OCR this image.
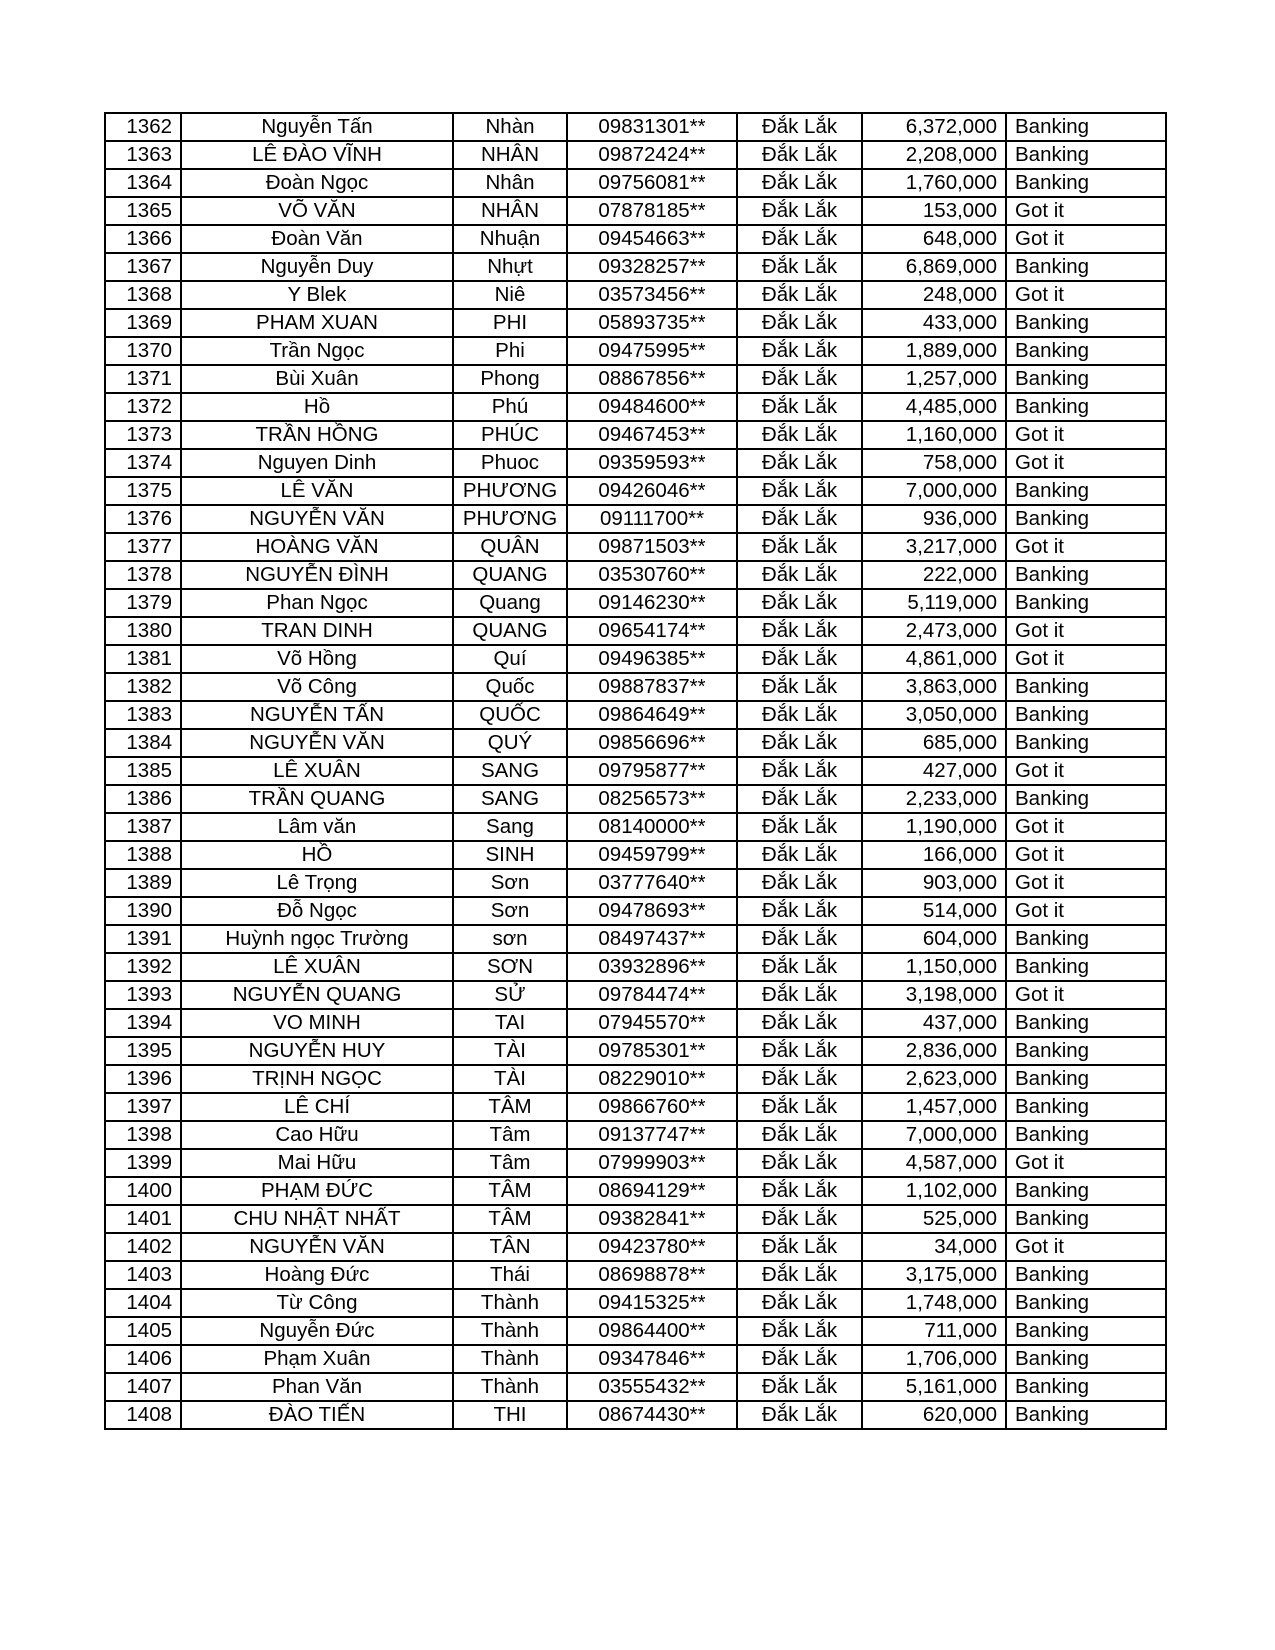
1362	Nguyễn Tấn	Nhàn	09831301**	Đắk Lắk	6,372,000	Banking
1363	LÊ ĐÀO VĨNH	NHÂN	09872424**	Đắk Lắk	2,208,000	Banking
1364	Đoàn Ngọc	Nhân	09756081**	Đắk Lắk	1,760,000	Banking
1365	VÕ VĂN	NHÂN	07878185**	Đắk Lắk	153,000	Got it
1366	Đoàn Văn	Nhuận	09454663**	Đắk Lắk	648,000	Got it
1367	Nguyễn Duy	Nhựt	09328257**	Đắk Lắk	6,869,000	Banking
1368	Y Blek	Niê	03573456**	Đắk Lắk	248,000	Got it
1369	PHAM XUAN	PHI	05893735**	Đắk Lắk	433,000	Banking
1370	Trần Ngọc	Phi	09475995**	Đắk Lắk	1,889,000	Banking
1371	Bùi Xuân	Phong	08867856**	Đắk Lắk	1,257,000	Banking
1372	Hồ	Phú	09484600**	Đắk Lắk	4,485,000	Banking
1373	TRẦN HỒNG	PHÚC	09467453**	Đắk Lắk	1,160,000	Got it
1374	Nguyen Dinh	Phuoc	09359593**	Đắk Lắk	758,000	Got it
1375	LÊ VĂN	PHƯƠNG	09426046**	Đắk Lắk	7,000,000	Banking
1376	NGUYỄN VĂN	PHƯƠNG	09111700**	Đắk Lắk	936,000	Banking
1377	HOÀNG VĂN	QUÂN	09871503**	Đắk Lắk	3,217,000	Got it
1378	NGUYỄN ĐÌNH	QUANG	03530760**	Đắk Lắk	222,000	Banking
1379	Phan Ngọc	Quang	09146230**	Đắk Lắk	5,119,000	Banking
1380	TRAN DINH	QUANG	09654174**	Đắk Lắk	2,473,000	Got it
1381	Võ Hồng	Quí	09496385**	Đắk Lắk	4,861,000	Got it
1382	Võ Công	Quốc	09887837**	Đắk Lắk	3,863,000	Banking
1383	NGUYỄN TẤN	QUỐC	09864649**	Đắk Lắk	3,050,000	Banking
1384	NGUYỄN VĂN	QUÝ	09856696**	Đắk Lắk	685,000	Banking
1385	LÊ XUÂN	SANG	09795877**	Đắk Lắk	427,000	Got it
1386	TRẦN QUANG	SANG	08256573**	Đắk Lắk	2,233,000	Banking
1387	Lâm văn	Sang	08140000**	Đắk Lắk	1,190,000	Got it
1388	HỒ	SINH	09459799**	Đắk Lắk	166,000	Got it
1389	Lê Trọng	Sơn	03777640**	Đắk Lắk	903,000	Got it
1390	Đỗ Ngọc	Sơn	09478693**	Đắk Lắk	514,000	Got it
1391	Huỳnh ngọc Trường	sơn	08497437**	Đắk Lắk	604,000	Banking
1392	LÊ XUÂN	SƠN	03932896**	Đắk Lắk	1,150,000	Banking
1393	NGUYỄN QUANG	SỬ	09784474**	Đắk Lắk	3,198,000	Got it
1394	VO MINH	TAI	07945570**	Đắk Lắk	437,000	Banking
1395	NGUYỄN HUY	TÀI	09785301**	Đắk Lắk	2,836,000	Banking
1396	TRỊNH NGỌC	TÀI	08229010**	Đắk Lắk	2,623,000	Banking
1397	LÊ CHÍ	TÂM	09866760**	Đắk Lắk	1,457,000	Banking
1398	Cao Hữu	Tâm	09137747**	Đắk Lắk	7,000,000	Banking
1399	Mai Hữu	Tâm	07999903**	Đắk Lắk	4,587,000	Got it
1400	PHẠM ĐỨC	TÂM	08694129**	Đắk Lắk	1,102,000	Banking
1401	CHU NHẬT NHẤT	TÂM	09382841**	Đắk Lắk	525,000	Banking
1402	NGUYỄN VĂN	TÂN	09423780**	Đắk Lắk	34,000	Got it
1403	Hoàng Đức	Thái	08698878**	Đắk Lắk	3,175,000	Banking
1404	Từ Công	Thành	09415325**	Đắk Lắk	1,748,000	Banking
1405	Nguyễn Đức	Thành	09864400**	Đắk Lắk	711,000	Banking
1406	Phạm Xuân	Thành	09347846**	Đắk Lắk	1,706,000	Banking
1407	Phan Văn	Thành	03555432**	Đắk Lắk	5,161,000	Banking
1408	ĐÀO TIẾN	THI	08674430**	Đắk Lắk	620,000	Banking
